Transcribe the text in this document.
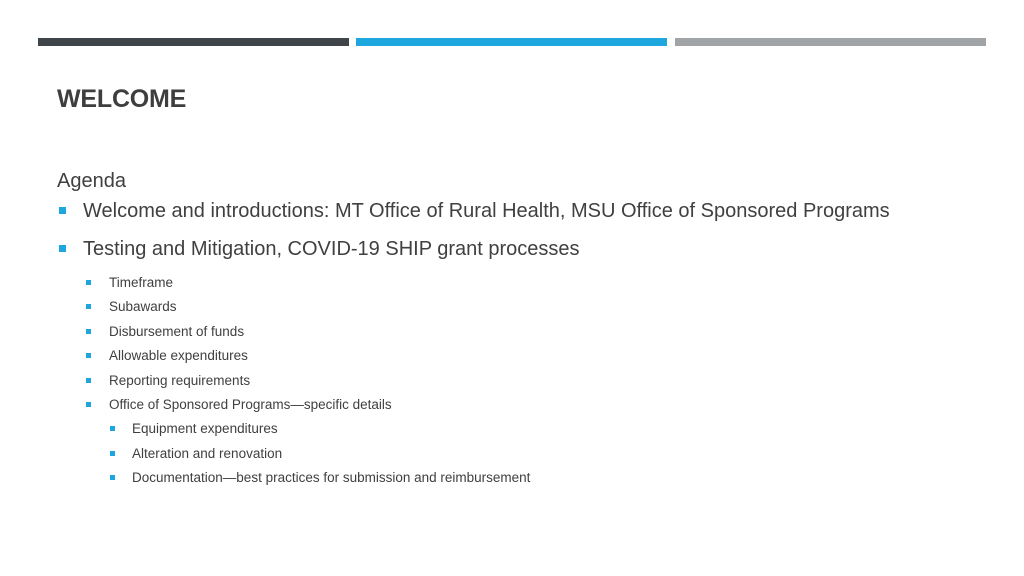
WELCOME
Agenda
Welcome and introductions: MT Office of Rural Health, MSU Office of Sponsored Programs
Testing and Mitigation, COVID-19 SHIP grant processes
Timeframe
Subawards
Disbursement of funds
Allowable expenditures
Reporting requirements
Office of Sponsored Programs—specific details
Equipment expenditures
Alteration and renovation
Documentation—best practices for submission and reimbursement
